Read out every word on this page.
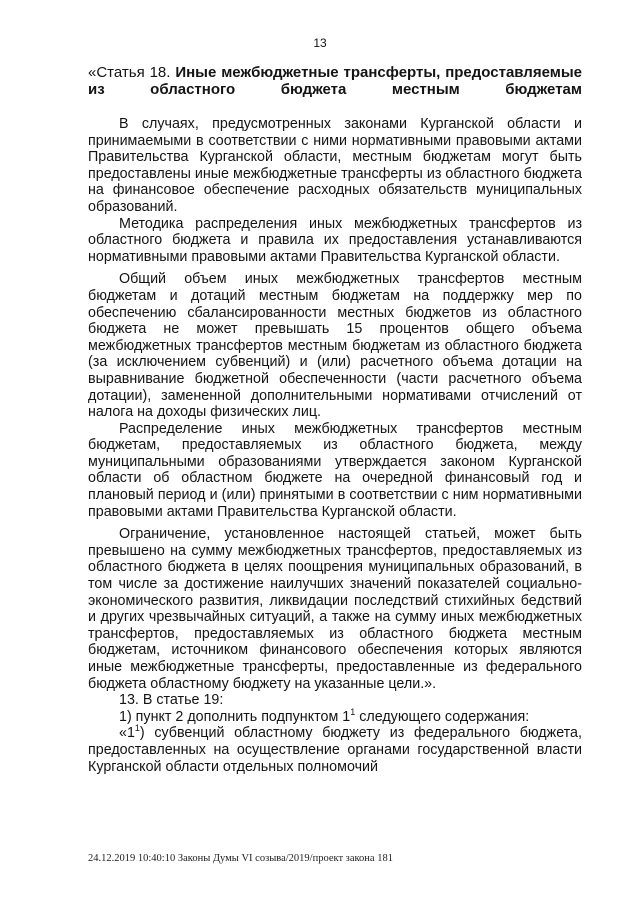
13
«Статья 18. Иные межбюджетные трансферты, предоставляемые из областного бюджета местным бюджетам

В случаях, предусмотренных законами Курганской области и принимаемыми в соответствии с ними нормативными правовыми актами Правительства Курганской области, местным бюджетам могут быть предоставлены иные межбюджетные трансферты из областного бюджета на финансовое обеспечение расходных обязательств муниципальных образований.

Методика распределения иных межбюджетных трансфертов из областного бюджета и правила их предоставления устанавливаются нормативными правовыми актами Правительства Курганской области.

Общий объем иных межбюджетных трансфертов местным бюджетам и дотаций местным бюджетам на поддержку мер по обеспечению сбалансированности местных бюджетов из областного бюджета не может превышать 15 процентов общего объема межбюджетных трансфертов местным бюджетам из областного бюджета (за исключением субвенций) и (или) расчетного объема дотации на выравнивание бюджетной обеспеченности (части расчетного объема дотации), замененной дополнительными нормативами отчислений от налога на доходы физических лиц.

Распределение иных межбюджетных трансфертов местным бюджетам, предоставляемых из областного бюджета, между муниципальными образованиями утверждается законом Курганской области об областном бюджете на очередной финансовый год и плановый период и (или) принятыми в соответствии с ним нормативными правовыми актами Правительства Курганской области.

Ограничение, установленное настоящей статьей, может быть превышено на сумму межбюджетных трансфертов, предоставляемых из областного бюджета в целях поощрения муниципальных образований, в том числе за достижение наилучших значений показателей социально-экономического развития, ликвидации последствий стихийных бедствий и других чрезвычайных ситуаций, а также на сумму иных межбюджетных трансфертов, предоставляемых из областного бюджета местным бюджетам, источником финансового обеспечения которых являются иные межбюджетные трансферты, предоставленные из федерального бюджета областному бюджету на указанные цели.».

13. В статье 19:

1) пункт 2 дополнить подпунктом $1^1$ следующего содержания:

«$1^1$) субвенций областному бюджету из федерального бюджета, предоставленных на осуществление органами государственной власти Курганской области отдельных полномочий

24.12.2019 10:40:10 Законы Думы VI созыва/2019/проект закона 181
